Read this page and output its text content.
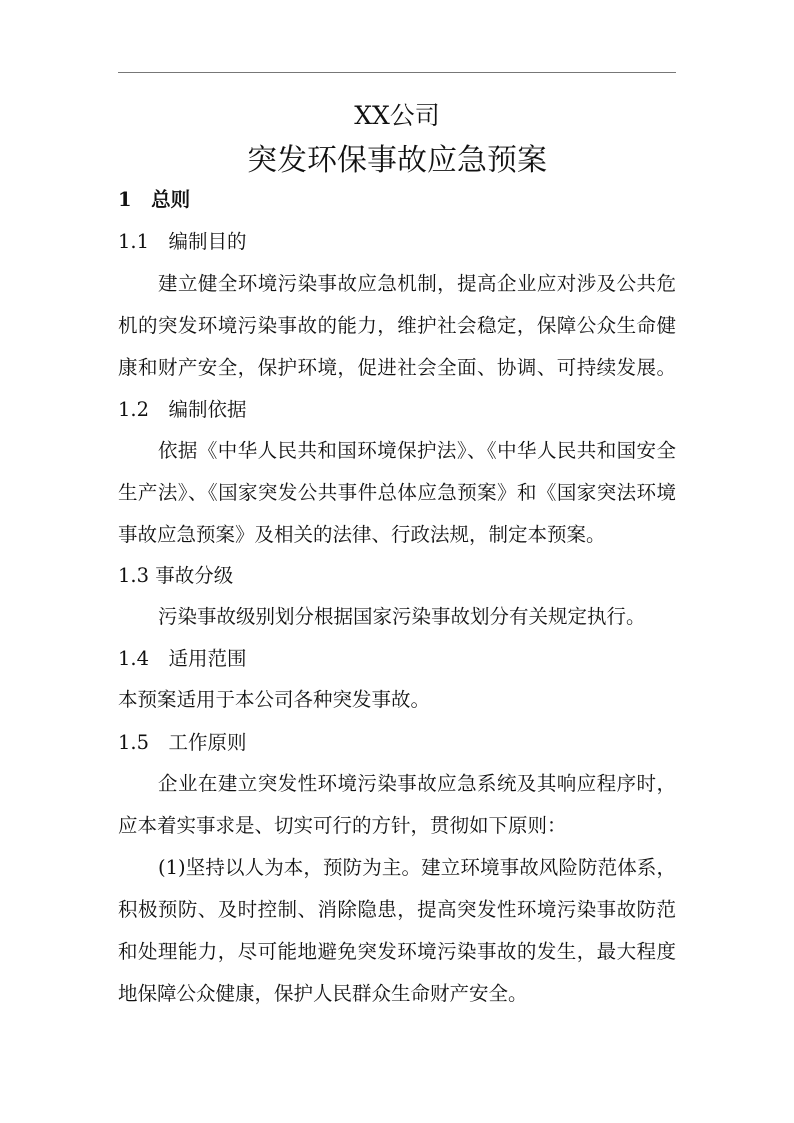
XX公司
突发环保事故应急预案
1　总则
1.1　编制目的
建立健全环境污染事故应急机制，提高企业应对涉及公共危
机的突发环境污染事故的能力，维护社会稳定，保障公众生命健
康和财产安全，保护环境，促进社会全面、协调、可持续发展。
1.2　编制依据
依据《中华人民共和国环境保护法》、《中华人民共和国安全
生产法》、《国家突发公共事件总体应急预案》和《国家突法环境
事故应急预案》及相关的法律、行政法规，制定本预案。
1.3 事故分级
污染事故级别划分根据国家污染事故划分有关规定执行。
1.4　适用范围
本预案适用于本公司各种突发事故。
1.5　工作原则
企业在建立突发性环境污染事故应急系统及其响应程序时，
应本着实事求是、切实可行的方针，贯彻如下原则：
(1)坚持以人为本，预防为主。建立环境事故风险防范体系，
积极预防、及时控制、消除隐患，提高突发性环境污染事故防范
和处理能力，尽可能地避免突发环境污染事故的发生，最大程度
地保障公众健康，保护人民群众生命财产安全。
